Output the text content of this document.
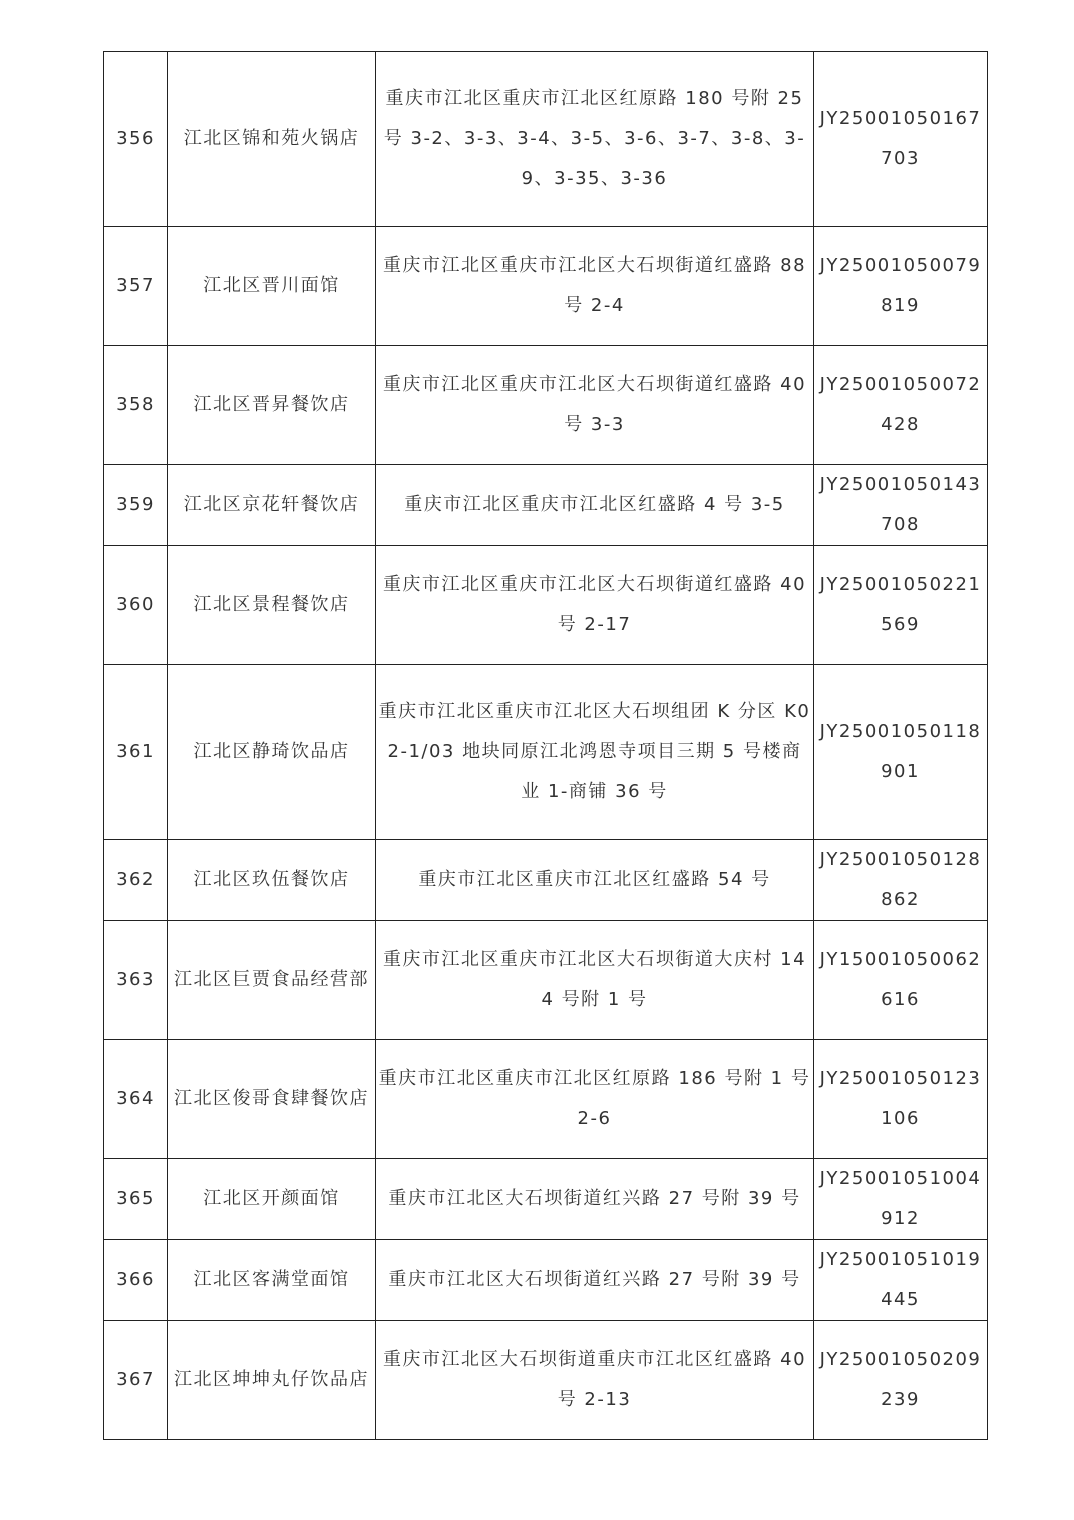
356	江北区锦和苑火锅店	重庆市江北区重庆市江北区红原路 180 号附 25 号 3-2、3-3、3-4、3-5、3-6、3-7、3-8、3-9、3-35、3-36	JY25001050167703
357	江北区晋川面馆	重庆市江北区重庆市江北区大石坝街道红盛路 88 号 2-4	JY25001050079819
358	江北区晋昇餐饮店	重庆市江北区重庆市江北区大石坝街道红盛路 40 号 3-3	JY25001050072428
359	江北区京花轩餐饮店	重庆市江北区重庆市江北区红盛路 4 号 3-5	JY25001050143708
360	江北区景程餐饮店	重庆市江北区重庆市江北区大石坝街道红盛路 40 号 2-17	JY25001050221569
361	江北区静琦饮品店	重庆市江北区重庆市江北区大石坝组团 K 分区 K02-1/03 地块同原江北鸿恩寺项目三期 5 号楼商业 1-商铺 36 号	JY25001050118901
362	江北区玖伍餐饮店	重庆市江北区重庆市江北区红盛路 54 号	JY25001050128862
363	江北区巨贾食品经营部	重庆市江北区重庆市江北区大石坝街道大庆村 144 号附 1 号	JY15001050062616
364	江北区俊哥食肆餐饮店	重庆市江北区重庆市江北区红原路 186 号附 1 号 2-6	JY25001050123106
365	江北区开颜面馆	重庆市江北区大石坝街道红兴路 27 号附 39 号	JY25001051004912
366	江北区客满堂面馆	重庆市江北区大石坝街道红兴路 27 号附 39 号	JY25001051019445
367	江北区坤坤丸仔饮品店	重庆市江北区大石坝街道重庆市江北区红盛路 40 号 2-13	JY25001050209239
